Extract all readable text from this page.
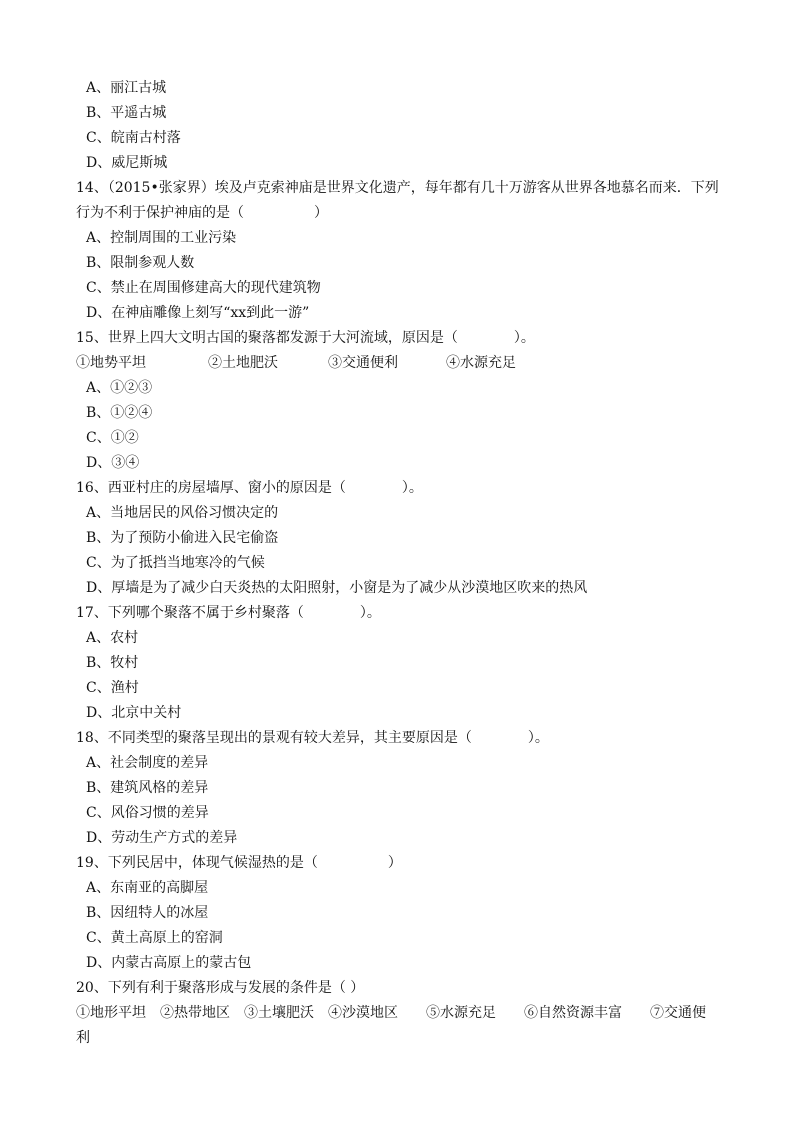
A、丽江古城
B、平遥古城
C、皖南古村落
D、威尼斯城
14、（2015•张家界）埃及卢克索神庙是世界文化遗产，每年都有几十万游客从世界各地慕名而来．下列
行为不利于保护神庙的是（　　　　　）
A、控制周围的工业污染
B、限制参观人数
C、禁止在周围修建高大的现代建筑物
D、在神庙雕像上刻写“xx到此一游”
15、世界上四大文明古国的聚落都发源于大河流域，原因是（　　　　）。
①地势平坦	②土地肥沃	③交通便利	④水源充足
A、①②③
B、①②④
C、①②
D、③④
16、西亚村庄的房屋墙厚、窗小的原因是（　　　　）。
A、当地居民的风俗习惯决定的
B、为了预防小偷进入民宅偷盗
C、为了抵挡当地寒冷的气候
D、厚墙是为了减少白天炎热的太阳照射，小窗是为了减少从沙漠地区吹来的热风
17、下列哪个聚落不属于乡村聚落（　　　　）。
A、农村
B、牧村
C、渔村
D、北京中关村
18、不同类型的聚落呈现出的景观有较大差异，其主要原因是（　　　　）。
A、社会制度的差异
B、建筑风格的差异
C、风俗习惯的差异
D、劳动生产方式的差异
19、下列民居中，体现气候湿热的是（　　　　　）
A、东南亚的高脚屋
B、因纽特人的冰屋
C、黄土高原上的窑洞
D、内蒙古高原上的蒙古包
20、下列有利于聚落形成与发展的条件是（ ）
①地形平坦　②热带地区　③土壤肥沃　④沙漠地区　　⑤水源充足　　⑥自然资源丰富　　⑦交通便
利
